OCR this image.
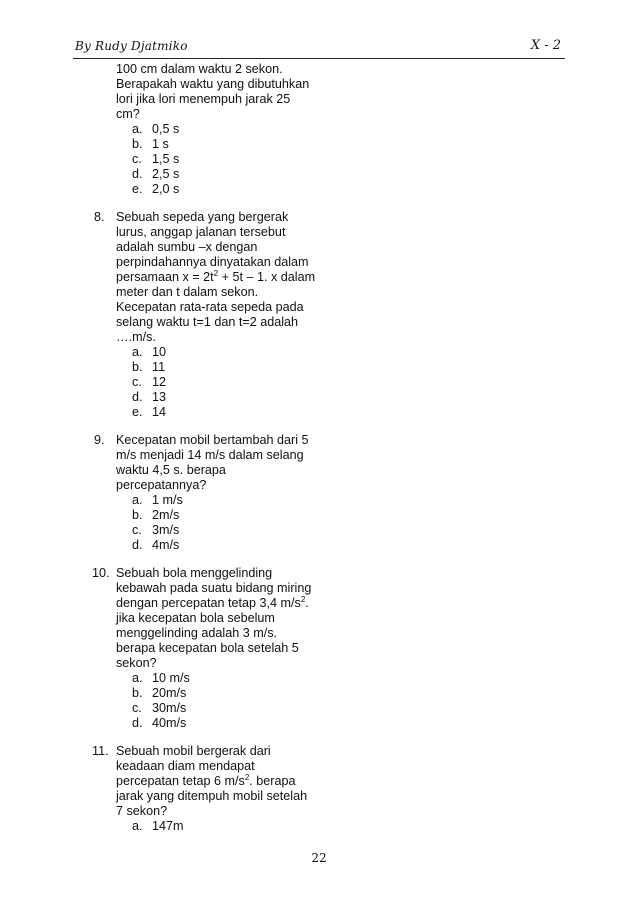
By Rudy Djatmiko	X - 2
100 cm dalam waktu 2 sekon.
Berapakah waktu yang dibutuhkan
lori jika lori menempuh jarak 25
cm?
a. 0,5 s
b. 1 s
c. 1,5 s
d. 2,5 s
e. 2,0 s
8. Sebuah sepeda yang bergerak
lurus, anggap jalanan tersebut
adalah sumbu –x dengan
perpindahannya dinyatakan dalam
persamaan $x = 2t^2 + 5t - 1$. x dalam
meter dan t dalam sekon.
Kecepatan rata-rata sepeda pada
selang waktu t=1 dan t=2 adalah
….m/s.
a. 10
b. 11
c. 12
d. 13
e. 14
9. Kecepatan mobil bertambah dari 5
m/s menjadi 14 m/s dalam selang
waktu 4,5 s. berapa
percepatannya?
a. 1 m/s
b. 2m/s
c. 3m/s
d. 4m/s
10. Sebuah bola menggelinding
kebawah pada suatu bidang miring
dengan percepatan tetap 3,4 $m/s^2$.
jika kecepatan bola sebelum
menggelinding adalah 3 m/s.
berapa kecepatan bola setelah 5
sekon?
a. 10 m/s
b. 20m/s
c. 30m/s
d. 40m/s
11. Sebuah mobil bergerak dari
keadaan diam mendapat
percepatan tetap 6 $m/s^2$. berapa
jarak yang ditempuh mobil setelah
7 sekon?
a. 147m
22
